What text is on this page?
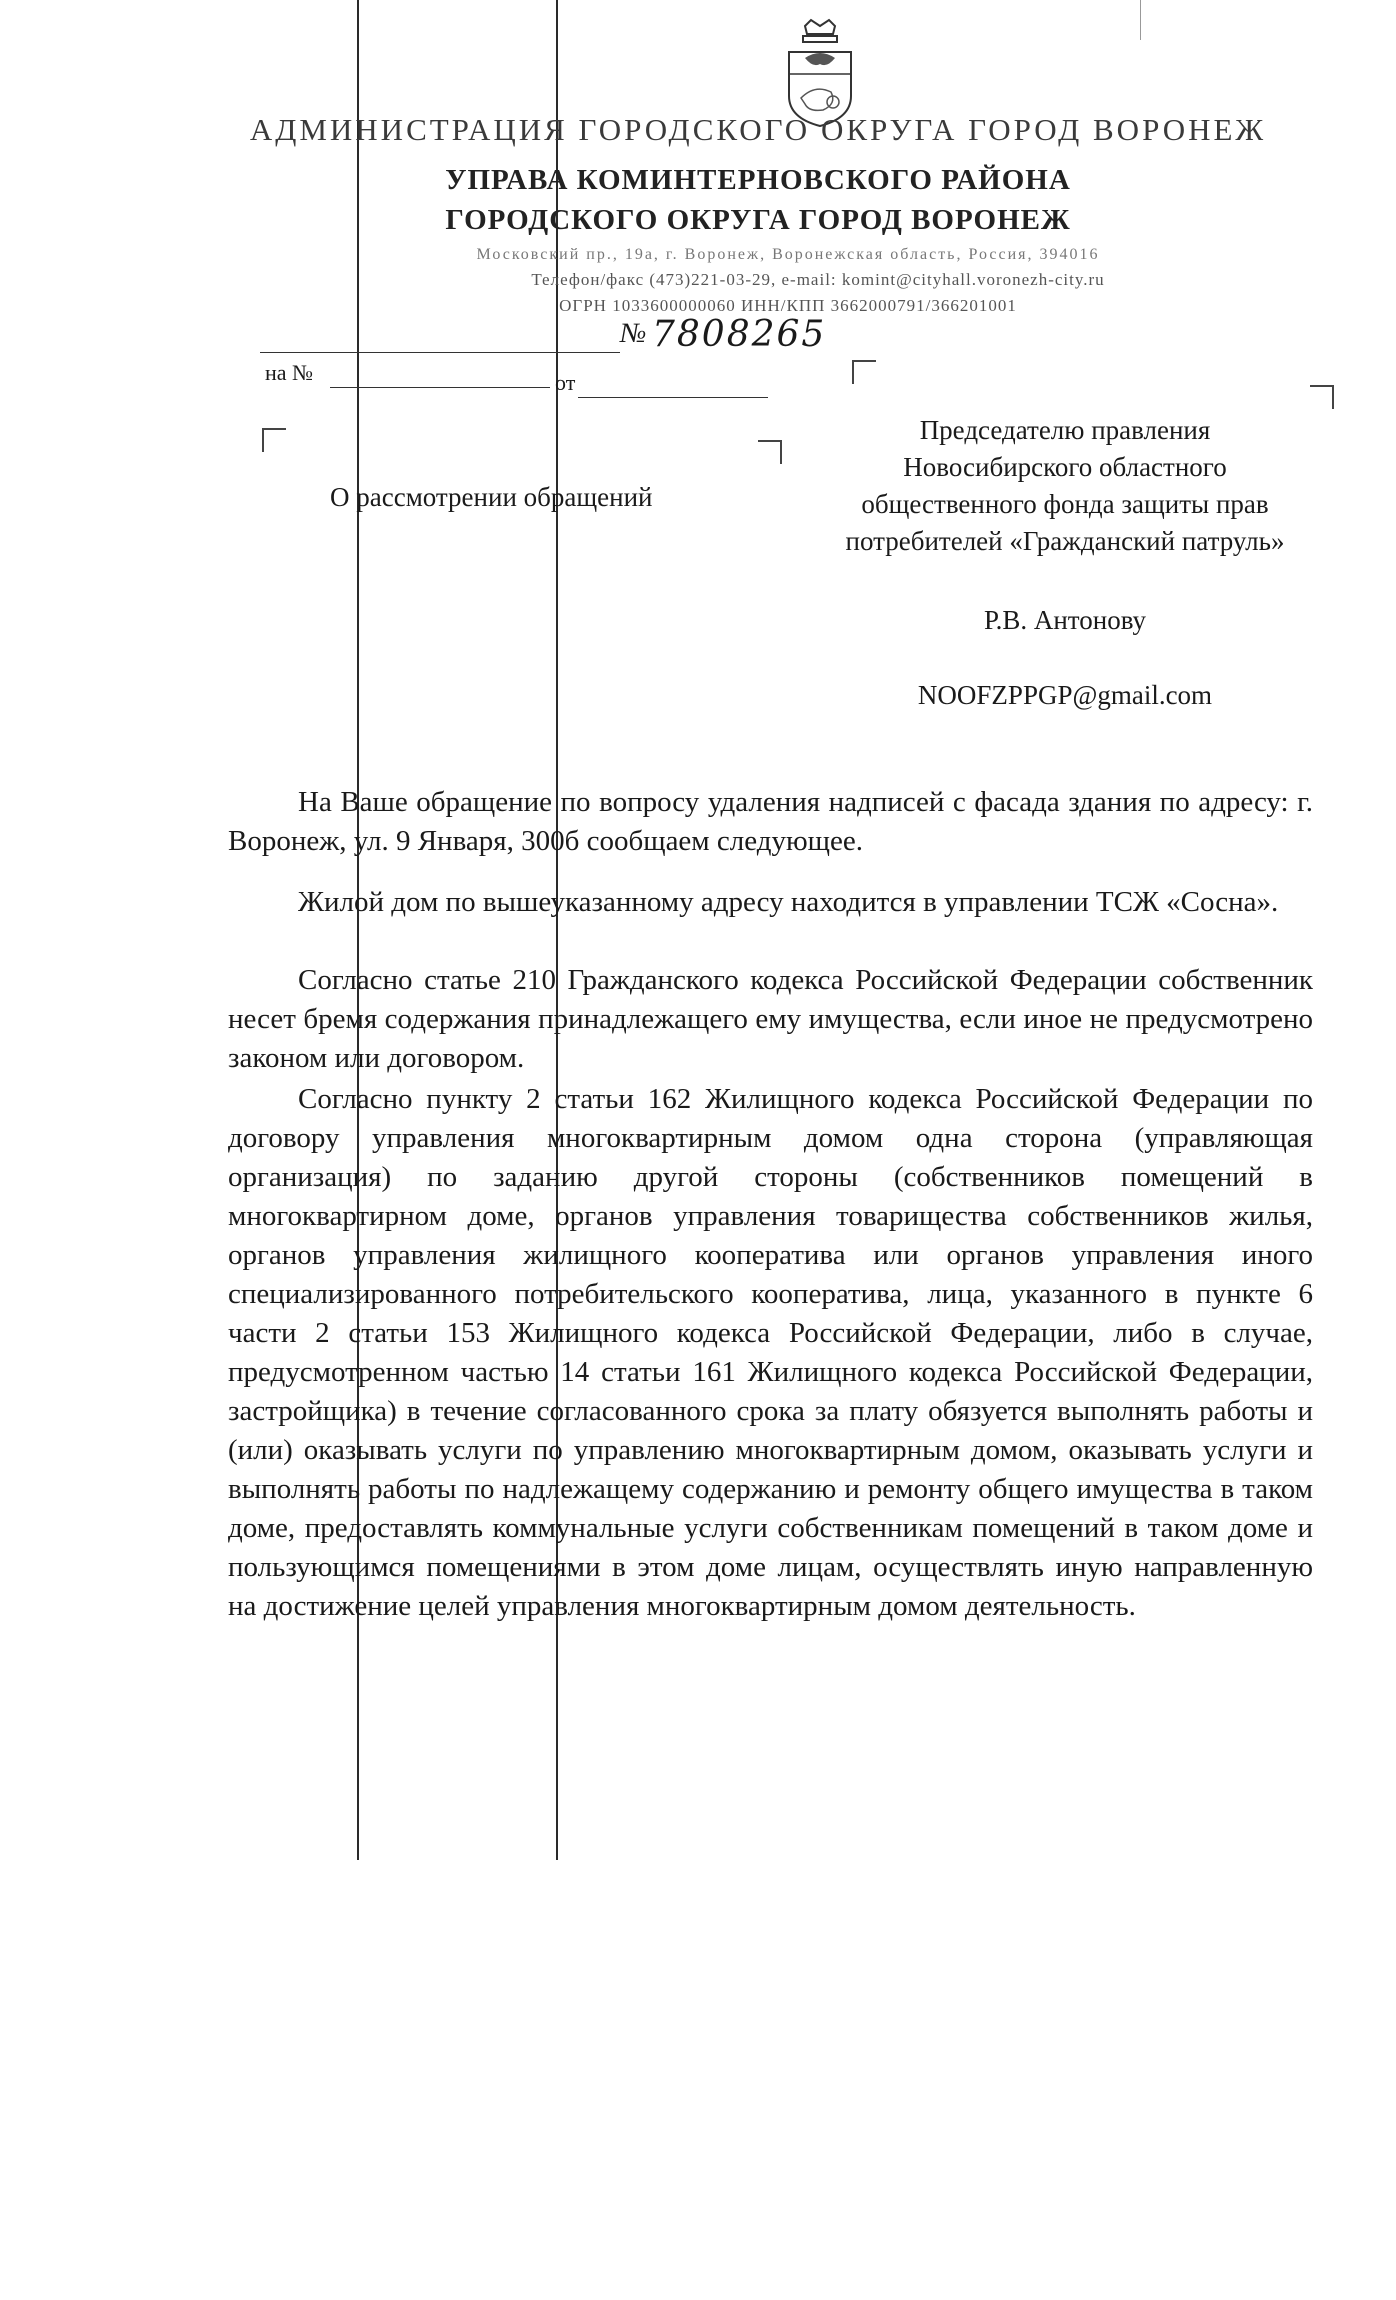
АДМИНИСТРАЦИЯ ГОРОДСКОГО ОКРУГА ГОРОД ВОРОНЕЖ
УПРАВА КОМИНТЕРНОВСКОГО РАЙОНА
ГОРОДСКОГО ОКРУГА ГОРОД ВОРОНЕЖ
Московский пр., 19а, г. Воронеж, Воронежская область, Россия, 394016
Телефон/факс (473)221-03-29, e-mail: komint@cityhall.voronezh-city.ru
ОГРН 1033600000060 ИНН/КПП 3662000791/366201001
№ 7808265
на №	от
О рассмотрении обращений
Председателю правления
Новосибирского областного
общественного фонда защиты прав
потребителей «Гражданский патруль»
Р.В. Антонову
NOOFZPPGP@gmail.com
На Ваше обращение по вопросу удаления надписей с фасада здания по адресу: г. Воронеж, ул. 9 Января, 300б сообщаем следующее.
Жилой дом по вышеуказанному адресу находится в управлении ТСЖ «Сосна».
Согласно статье 210 Гражданского кодекса Российской Федерации собственник несет бремя содержания принадлежащего ему имущества, если иное не предусмотрено законом или договором.
Согласно пункту 2 статьи 162 Жилищного кодекса Российской Федерации по договору управления многоквартирным домом одна сторона (управляющая организация) по заданию другой стороны (собственников помещений в многоквартирном доме, органов управления товарищества собственников жилья, органов управления жилищного кооператива или органов управления иного специализированного потребительского кооператива, лица, указанного в пункте 6 части 2 статьи 153 Жилищного кодекса Российской Федерации, либо в случае, предусмотренном частью 14 статьи 161 Жилищного кодекса Российской Федерации, застройщика) в течение согласованного срока за плату обязуется выполнять работы и (или) оказывать услуги по управлению многоквартирным домом, оказывать услуги и выполнять работы по надлежащему содержанию и ремонту общего имущества в таком доме, предоставлять коммунальные услуги собственникам помещений в таком доме и пользующимся помещениями в этом доме лицам, осуществлять иную направленную на достижение целей управления многоквартирным домом деятельность.
